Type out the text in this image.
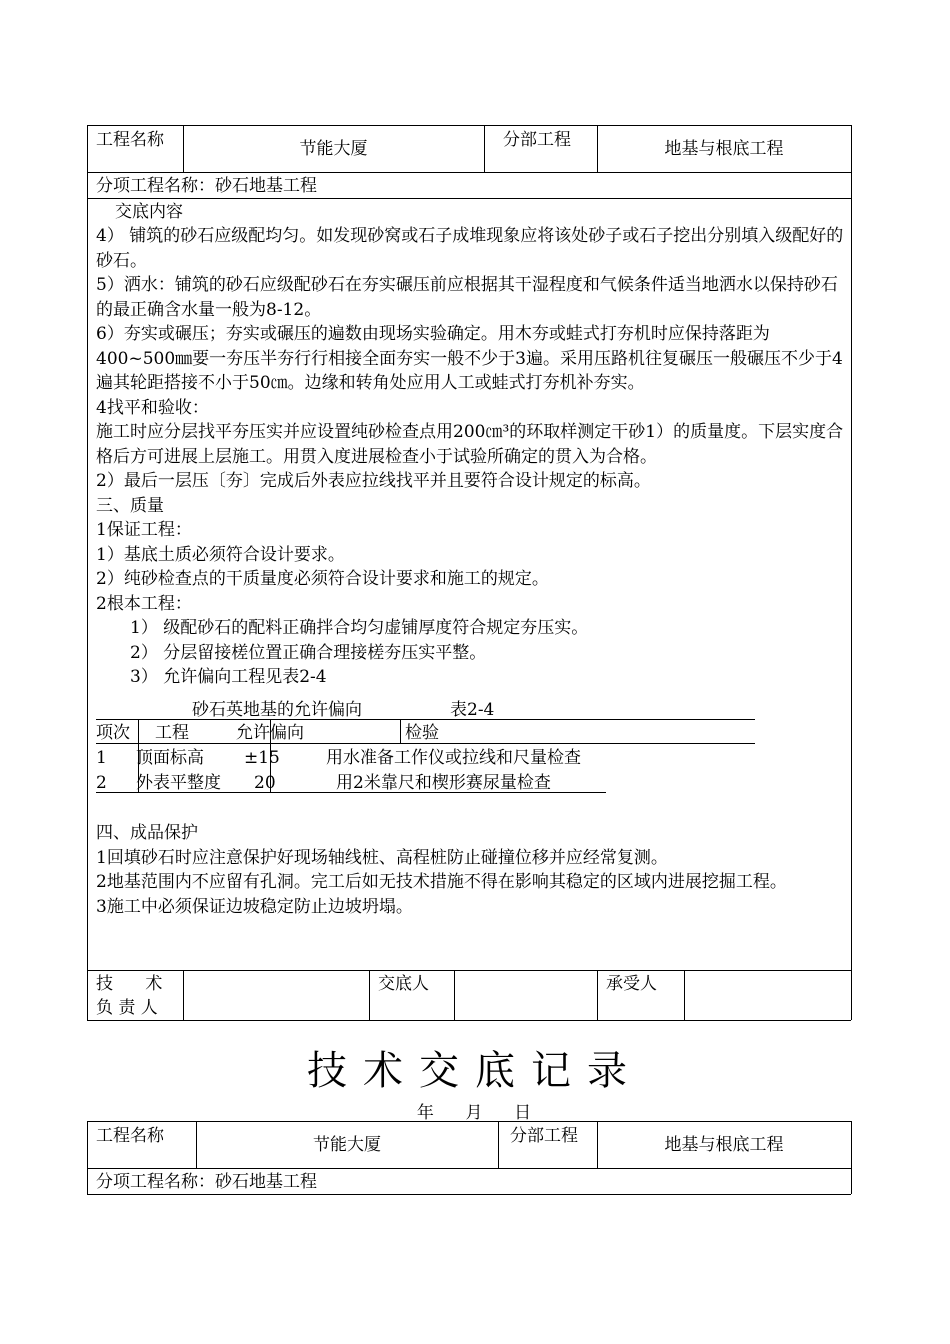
工程名称	节能大厦	分部工程	地基与根底工程
分项工程名称：砂石地基工程
交底内容

4） 铺筑的砂石应级配均匀。如发现砂窝或石子成堆现象应将该处砂子或石子挖出分别填入级配好的砂石。

5）洒水：铺筑的砂石应级配砂石在夯实碾压前应根据其干湿程度和气候条件适当地洒水以保持砂石的最正确含水量一般为8-12。

6）夯实或碾压；夯实或碾压的遍数由现场实验确定。用木夯或蛙式打夯机时应保持落距为400~500㎜要一夯压半夯行行相接全面夯实一般不少于3遍。采用压路机往复碾压一般碾压不少于4遍其轮距搭接不小于50㎝。边缘和转角处应用人工或蛙式打夯机补夯实。

4找平和验收：

施工时应分层找平夯压实并应设置纯砂检查点用200㎝³的环取样测定干砂1）的质量度。下层实度合格后方可进展上层施工。用贯入度进展检查小于试验所确定的贯入为合格。

2）最后一层压〔夯〕完成后外表应拉线找平并且要符合设计规定的标高。

三、质量

1保证工程：

1）基底土质必须符合设计要求。

2）纯砂检查点的干质量度必须符合设计要求和施工的规定。

2根本工程：

1） 级配砂石的配料正确拌合均匀虚铺厚度符合规定夯压实。

2） 分层留接槎位置正确合理接槎夯压实平整。

3） 允许偏向工程见表2-4

砂石英地基的允许偏向	表2-4
项次 工程	允许偏向	检验
1 顶面标高 ±15	用水准备工作仪或拉线和尺量检查
2 外表平整度 20	用2米靠尺和楔形赛尿量检查

四、成品保护

1回填砂石时应注意保护好现场轴线桩、高程桩防止碰撞位移并应经常复测。

2地基范围内不应留有孔洞。完工后如无技术措施不得在影响其稳定的区域内进展挖掘工程。

3施工中必须保证边坡稳定防止边坡坍塌。

技      术
负 责 人
交底人	承受人
技术交底记录
年    月    日
工程名称	节能大厦	分部工程	地基与根底工程
分项工程名称：砂石地基工程
